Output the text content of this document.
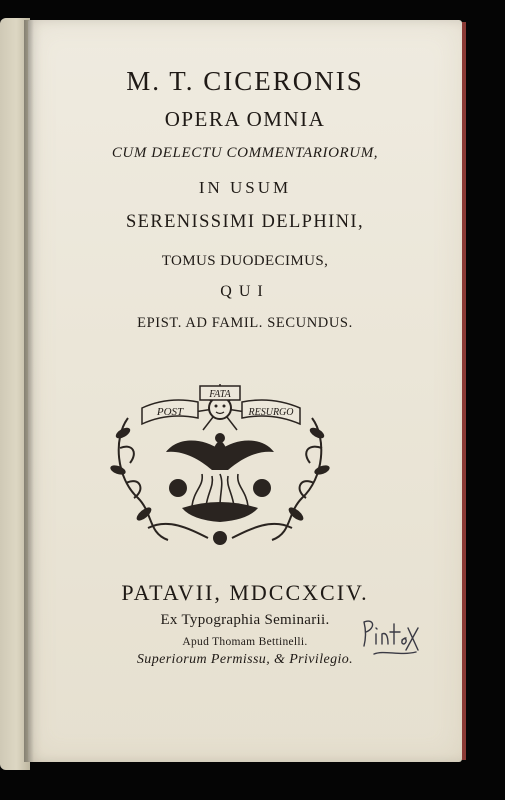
M. T. CICERONIS
OPERA OMNIA
CUM DELECTU COMMENTARIORUM,
IN USUM
SERENISSIMI DELPHINI,
TOMUS DUODECIMUS,
QUI
EPIST. AD FAMIL. SECUNDUS.
POST
FATA
RESURGO
PATAVII, MDCCXCIV.
Ex Typographia Seminarii.
Apud Thomam Bettinelli.
Superiorum Permissu, & Privilegio.
